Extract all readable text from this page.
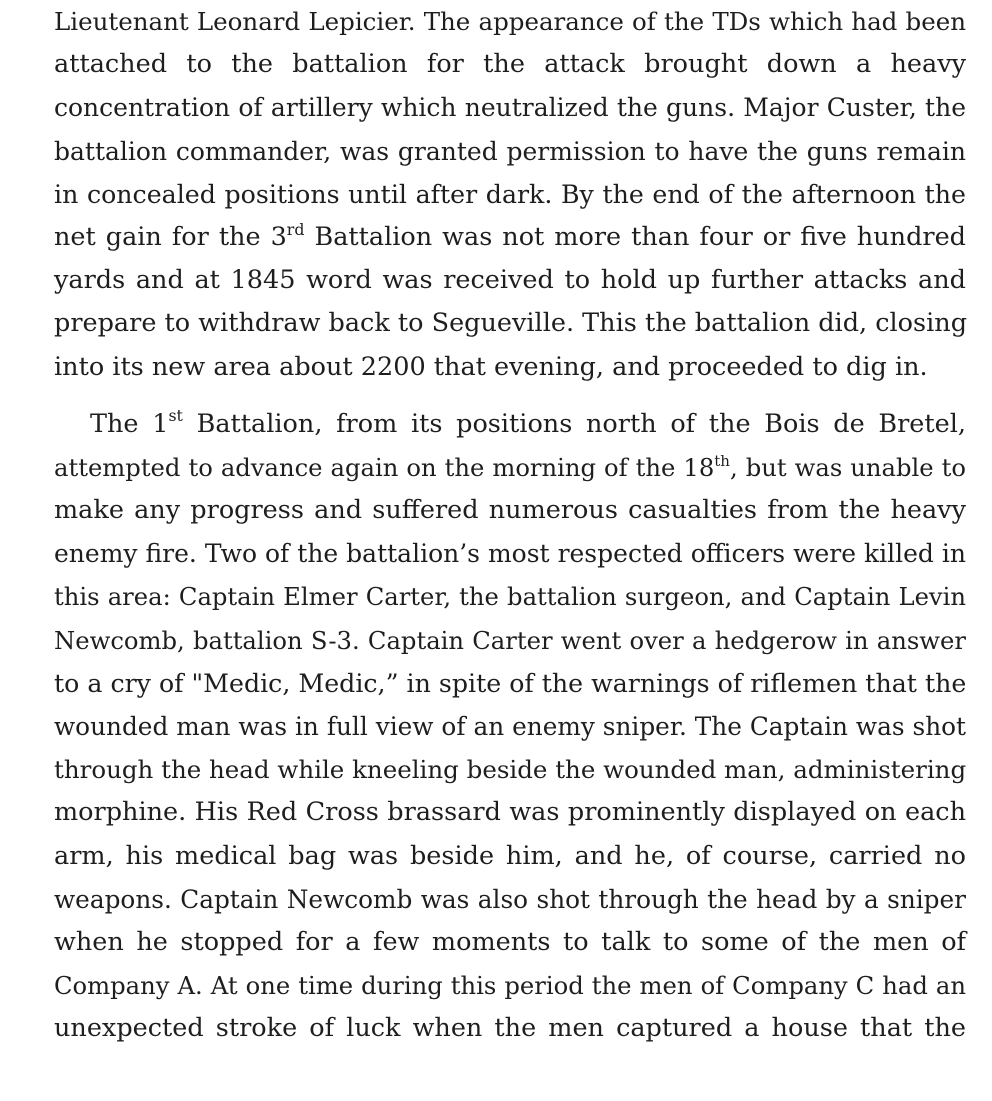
Lieutenant Leonard Lepicier. The appearance of the TDs which had been
attached to the battalion for the attack brought down a heavy
concentration of artillery which neutralized the guns. Major Custer, the
battalion commander, was granted permission to have the guns remain
in concealed positions until after dark. By the end of the afternoon the
net gain for the 3rd Battalion was not more than four or five hundred
yards and at 1845 word was received to hold up further attacks and
prepare to withdraw back to Segueville. This the battalion did, closing
into its new area about 2200 that evening, and proceeded to dig in.
The 1st Battalion, from its positions north of the Bois de Bretel,
attempted to advance again on the morning of the 18th, but was unable to
make any progress and suffered numerous casualties from the heavy
enemy fire. Two of the battalion’s most respected officers were killed in
this area: Captain Elmer Carter, the battalion surgeon, and Captain Levin
Newcomb, battalion S-3. Captain Carter went over a hedgerow in answer
to a cry of "Medic, Medic,” in spite of the warnings of riflemen that the
wounded man was in full view of an enemy sniper. The Captain was shot
through the head while kneeling beside the wounded man, administering
morphine. His Red Cross brassard was prominently displayed on each
arm, his medical bag was beside him, and he, of course, carried no
weapons. Captain Newcomb was also shot through the head by a sniper
when he stopped for a few moments to talk to some of the men of
Company A. At one time during this period the men of Company C had an
unexpected stroke of luck when the men captured a house that the
